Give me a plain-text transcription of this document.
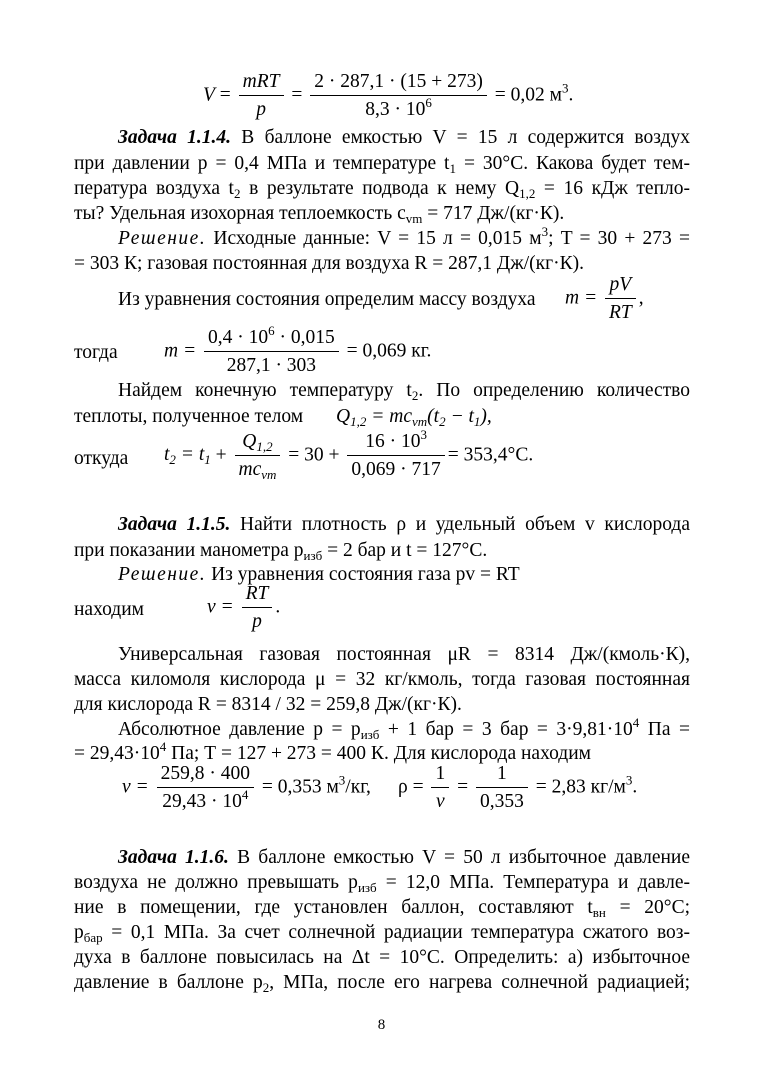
$V = \frac{\text{mRT}}{p} = \frac{2 \cdot 287,1 \cdot (15 + 273)}{8,3 \cdot 10^6} = 0,02$ $м^3$.
Задача 1.1.4. В баллоне емкостью V = 15 л содержится воздух
при давлении p = 0,4 МПа и температуре $t_1 = 30^\circ С$. Какова будет тем-
пература воздуха $t_2$ в результате подвода к нему $Q_{1,2} = 16$ кДж тепло-
ты? Удельная изохорная теплоемкость $c_{vm} = 717$ Дж/(кг·К).
Решение. Исходные данные: V = 15 л = 0,015 $м^3$; T = 30 + 273 =
= 303 К; газовая постоянная для воздуха R = 287,1 Дж/(кг·К).
Из уравнения состояния определим массу воздуха	$m = \frac{pV}{RT}$ ,
тогда	$m = \frac{0,4 \cdot 10^6 \cdot 0,015}{287,1 \cdot 303} = 0,069$ кг.
Найдем конечную температуру $t_2$. По определению количество
теплоты, полученное телом $Q_{1,2} = mc_{vm}(t_2 - t_1)$,
откуда	$t_2 = t_1 + \frac{Q_{1,2}}{mc_{vm}} = 30 + \frac{16 \cdot 10^3}{0,069 \cdot 717} = 353,4^\circ С$.
Задача 1.1.5. Найти плотность ρ и удельный объем v кислорода
при показании манометра $p_{изб} = 2$ бар и t = 127°С.
Решение. Из уравнения состояния газа pv = RT
находим	$v = \frac{RT}{p}$ .
Универсальная газовая постоянная μR = 8314 Дж/(кмоль·К),
масса киломоля кислорода μ = 32 кг/кмоль, тогда газовая постоянная
для кислорода R = 8314 / 32 = 259,8 Дж/(кг·К).
Абсолютное давление $p = p_{изб} + 1$ бар = 3 бар = $3\cdot 9,81\cdot 10^4$ Па =
= $29,43\cdot 10^4$ Па; Т = 127 + 273 = 400 К. Для кислорода находим
$v = \frac{259,8 \cdot 400}{29,43 \cdot 10^4} = 0,353$ $м^3/кг$, $\rho = \frac{1}{v} = \frac{1}{0,353} = 2,83$ $кг/м^3$.
Задача 1.1.6. В баллоне емкостью V = 50 л избыточное давление
воздуха не должно превышать $p_{изб} = 12,0$ МПа. Температура и давле-
ние в помещении, где установлен баллон, составляют $t_{вн} = 20^\circ С$;
$p_{бар} = 0,1$ МПа. За счет солнечной радиации температура сжатого воз-
духа в баллоне повысилась на Δt = 10°С. Определить: а) избыточное
давление в баллоне $p_2$, МПа, после его нагрева солнечной радиацией;
8
